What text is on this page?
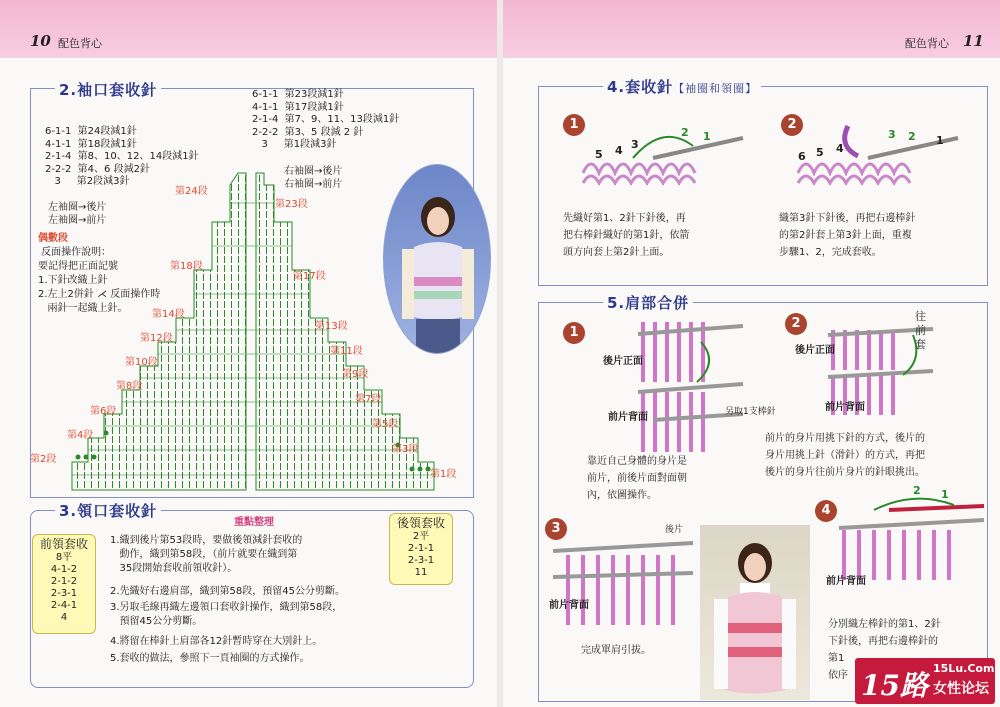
10 配色背心
2.袖口套收針
6-1-1  第24段減1針
4-1-1  第18段減1針
2-1-4  第8、10、12、14段減1針
2-2-2  第4、6 段減2針
3     第2段減3針
6-1-1  第23段減1針
4-1-1  第17段減1針
2-1-4  第7、9、11、13段減1針
2-2-2  第3、5 段減 2 針
3     第1段減3針
左袖圈→後片
左袖圈→前片
右袖圈→後片
右袖圈→前片
偶數段
反面操作說明：
要記得把正面記號
1.下針改織上針
2.左上2併針 ⋌ 反面操作時
兩針一起織上針。
第24段
第18段
第14段
第12段
第10段
第8段
第6段
第4段
第2段
第23段
第17段
第13段
第11段
第9段
第7段
第5段
第3段
第1段
3.領口套收針
前領套收
8平
4-1-2
2-1-2
2-3-1
2-4-1
4
後領套收
2平
2-1-1
2-3-1
11
重點整理
1.織到後片第53段時，要做後領減針套收的
動作，織到第58段，（前片就要在織到第
35段開始套收前領收針）。
2.先織好右邊肩部，織到第58段，預留45公分剪斷。
3.另取毛線再織左邊領口套收針操作，織到第58段，
預留45公分剪斷。
4.將留在棒針上肩部各12針暫時穿在大別針上。
5.套收的做法，參照下一頁袖圈的方式操作。
配色背心 11
4.套收針【袖圈和領圈】
1
5 4 3
2 1
先織好第1、2針下針後，再
把右棒針織好的第1針，依箭
頭方向套上第2針上面。
2
6 5 4
3 2 1
織第3針下針後，再把右邊棒針
的第2針套上第3針上面，重複
步驟1、2，完成套收。
5.肩部合併
1
後片正面
前片背面	另取1支棒針
靠近自己身體的身片是
前片，前後片面對面朝
內，依圖操作。
2
後片正面
前片背面
往
前
套
前片的身片用挑下針的方式，後片的
身片用挑上針（滑針）的方式，再把
後片的身片往前片身片的針眼挑出。
3	後片
前片背面
完成單肩引拔。
4
2 1
前片背面
分別織左棒針的第1、2針
下針後，再把右邊棒針的
第1
依序 15路
15Lu.Com
女性论坛
